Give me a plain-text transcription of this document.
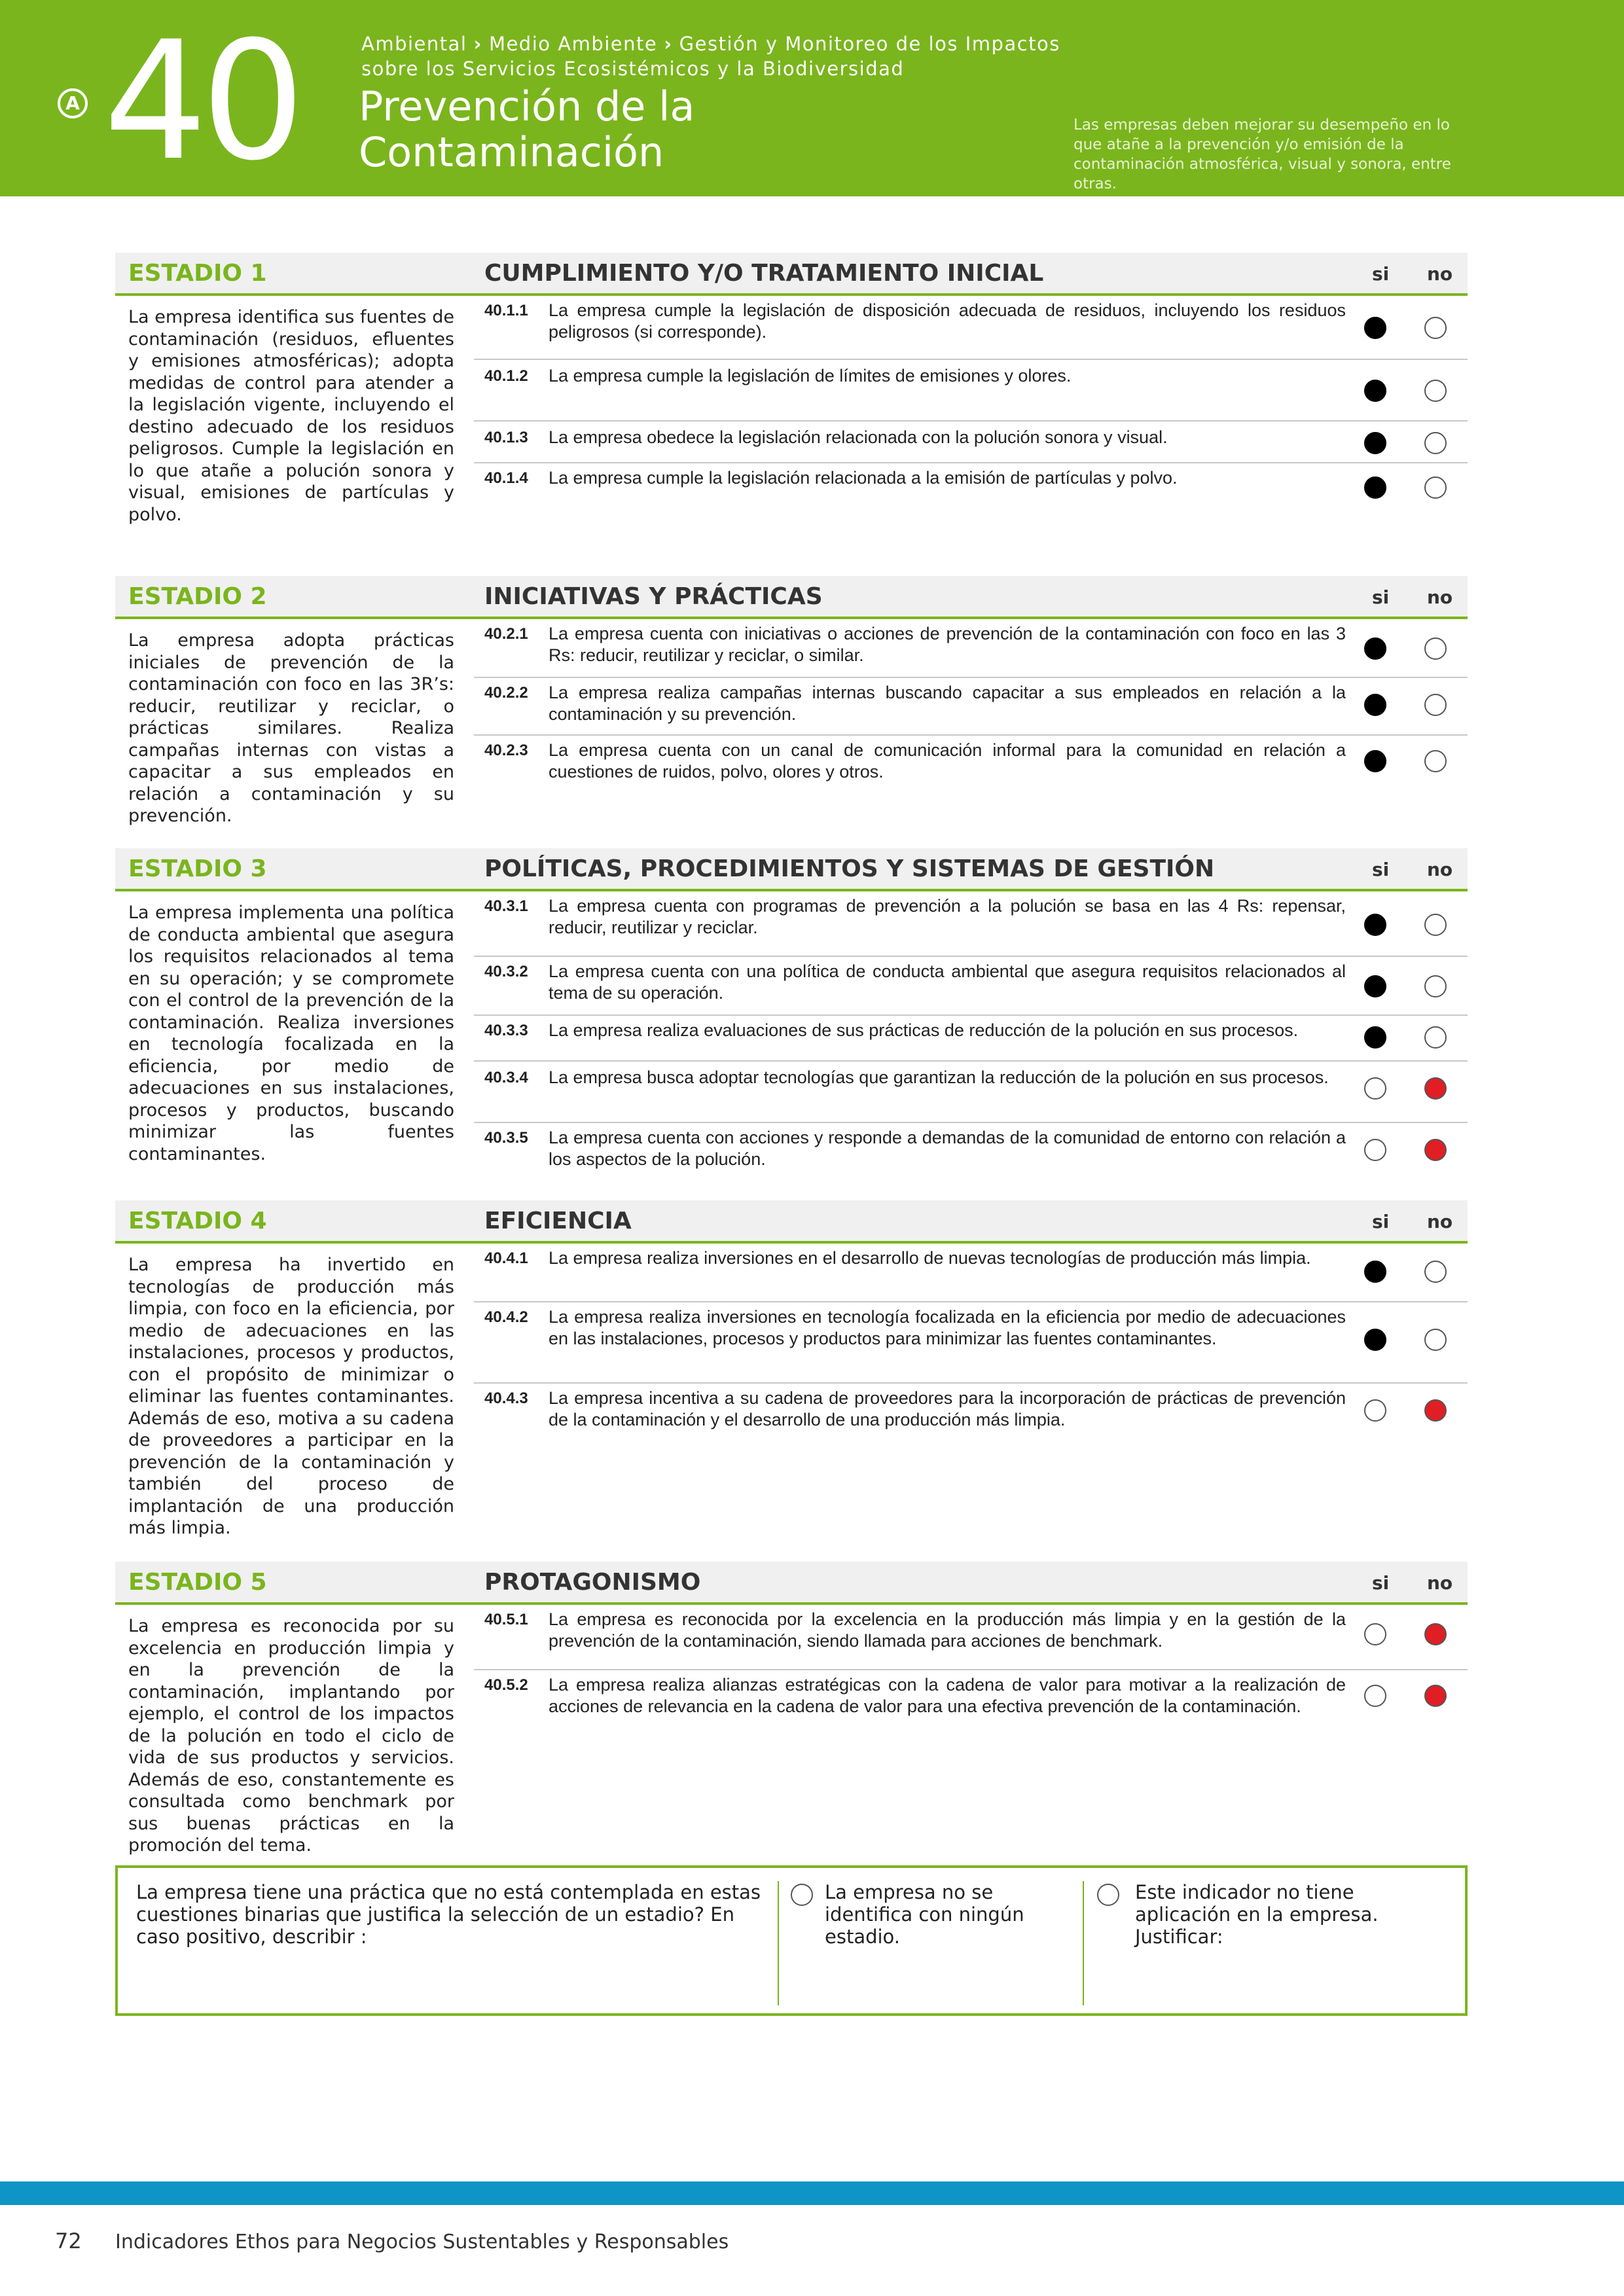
A 40	Ambiental › Medio Ambiente › Gestión y Monitoreo de los Impactos
sobre los Servicios Ecosistémicos y la Biodiversidad
Prevención de la
Contaminación
Las empresas deben mejorar su desempeño en lo que atañe a la prevención y/o emisión de la contaminación atmosférica, visual y sonora, entre otras.
ESTADIO 1	CUMPLIMIENTO Y/O TRATAMIENTO INICIAL	si no
La empresa identifica sus fuentes de contaminación (residuos, efluentes y emisiones atmosféricas); adopta medidas de control para atender a la legislación vigente, incluyendo el destino adecuado de los residuos peligrosos. Cumple la legislación en lo que atañe a polución sonora y visual, emisiones de partículas y polvo.
40.1.1 La empresa cumple la legislación de disposición adecuada de residuos, incluyendo los residuos peligrosos (si corresponde).
40.1.2 La empresa cumple la legislación de límites de emisiones y olores.
40.1.3 La empresa obedece la legislación relacionada con la polución sonora y visual.
40.1.4 La empresa cumple la legislación relacionada a la emisión de partículas y polvo.
ESTADIO 2	INICIATIVAS Y PRÁCTICAS	si no
La empresa adopta prácticas iniciales de prevención de la contaminación con foco en las 3R’s: reducir, reutilizar y reciclar, o prácticas similares. Realiza campañas internas con vistas a capacitar a sus empleados en relación a contaminación y su prevención.
40.2.1 La empresa cuenta con iniciativas o acciones de prevención de la contaminación con foco en las 3 Rs: reducir, reutilizar y reciclar, o similar.
40.2.2 La empresa realiza campañas internas buscando capacitar a sus empleados en relación a la contaminación y su prevención.
40.2.3 La empresa cuenta con un canal de comunicación informal para la comunidad en relación a cuestiones de ruidos, polvo, olores y otros.
ESTADIO 3	POLÍTICAS, PROCEDIMIENTOS Y SISTEMAS DE GESTIÓN	si no
La empresa implementa una política de conducta ambiental que asegura los requisitos relacionados al tema en su operación; y se compromete con el control de la prevención de la contaminación. Realiza inversiones en tecnología focalizada en la eficiencia, por medio de adecuaciones en sus instalaciones, procesos y productos, buscando minimizar las fuentes contaminantes.
40.3.1 La empresa cuenta con programas de prevención a la polución se basa en las 4 Rs: repensar, reducir, reutilizar y reciclar.
40.3.2 La empresa cuenta con una política de conducta ambiental que asegura requisitos relacionados al tema de su operación.
40.3.3 La empresa realiza evaluaciones de sus prácticas de reducción de la polución en sus procesos.
40.3.4 La empresa busca adoptar tecnologías que garantizan la reducción de la polución en sus procesos.
40.3.5 La empresa cuenta con acciones y responde a demandas de la comunidad de entorno con relación a los aspectos de la polución.
ESTADIO 4	EFICIENCIA	si no
La empresa ha invertido en tecnologías de producción más limpia, con foco en la eficiencia, por medio de adecuaciones en las instalaciones, procesos y productos, con el propósito de minimizar o eliminar las fuentes contaminantes. Además de eso, motiva a su cadena de proveedores a participar en la prevención de la contaminación y también del proceso de implantación de una producción más limpia.
40.4.1 La empresa realiza inversiones en el desarrollo de nuevas tecnologías de producción más limpia.
40.4.2 La empresa realiza inversiones en tecnología focalizada en la eficiencia por medio de adecuaciones en las instalaciones, procesos y productos para minimizar las fuentes contaminantes.
40.4.3 La empresa incentiva a su cadena de proveedores para la incorporación de prácticas de prevención de la contaminación y el desarrollo de una producción más limpia.
ESTADIO 5	PROTAGONISMO	si no
La empresa es reconocida por su excelencia en producción limpia y en la prevención de la contaminación, implantando por ejemplo, el control de los impactos de la polución en todo el ciclo de vida de sus productos y servicios. Además de eso, constantemente es consultada como benchmark por sus buenas prácticas en la promoción del tema.
40.5.1 La empresa es reconocida por la excelencia en la producción más limpia y en la gestión de la prevención de la contaminación, siendo llamada para acciones de benchmark.
40.5.2 La empresa realiza alianzas estratégicas con la cadena de valor para motivar a la realización de acciones de relevancia en la cadena de valor para una efectiva prevención de la contaminación.
La empresa tiene una práctica que no está contemplada en estas cuestiones binarias que justifica la selección de un estadio? En caso positivo, describir :
La empresa no se identifica con ningún estadio.
Este indicador no tiene aplicación en la empresa. Justificar:
72 Indicadores Ethos para Negocios Sustentables y Responsables
